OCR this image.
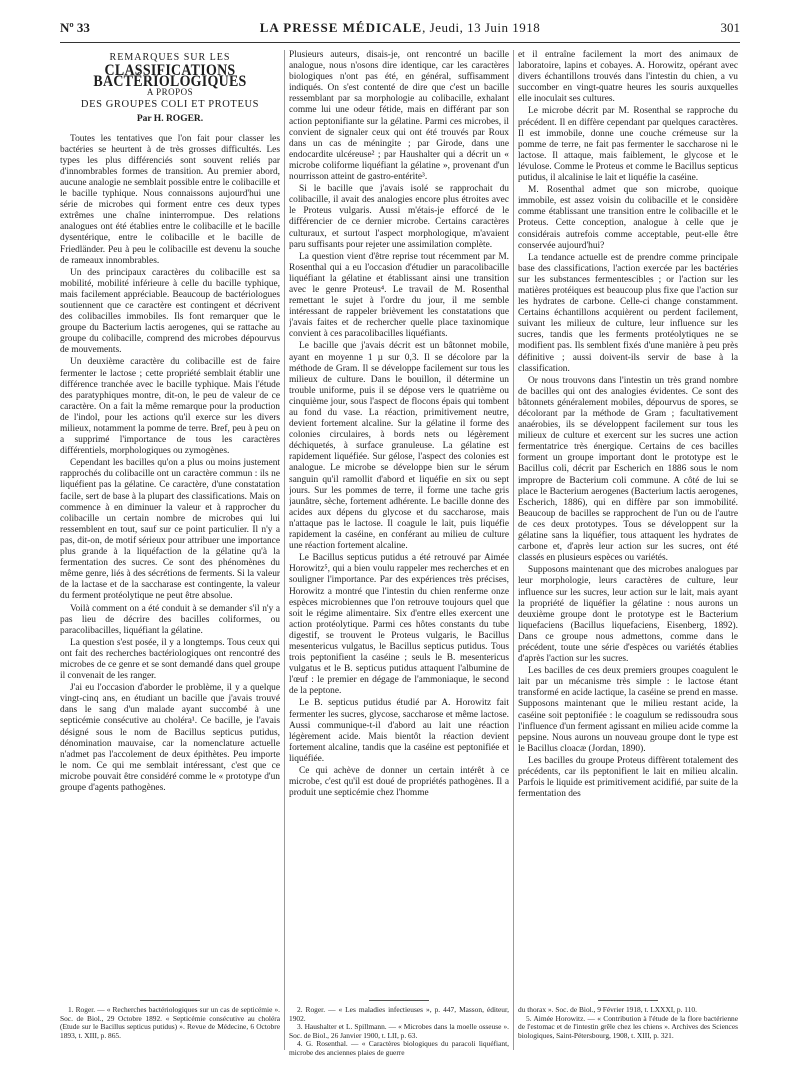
Nº 33	LA PRESSE MÉDICALE, Jeudi, 13 Juin 1918	301
REMARQUES SUR LES
CLASSIFICATIONS BACTÉRIOLOGIQUES
A PROPOS
DES GROUPES COLI ET PROTEUS
Par H. ROGER.

Toutes les tentatives que l'on fait pour classer les bactéries se heurtent à de très grosses difficultés. Les types les plus différenciés sont souvent reliés par d'innombrables formes de transition. Au premier abord, aucune analogie ne semblait possible entre le colibacille et le bacille typhique. Nous connaissons aujourd'hui une série de microbes qui forment entre ces deux types extrêmes une chaîne ininterrompue. Des relations analogues ont été établies entre le colibacille et le bacille dysentérique, entre le colibacille et le bacille de Friedländer. Peu à peu le colibacille est devenu la souche de rameaux innombrables.

Un des principaux caractères du colibacille est sa mobilité, mobilité inférieure à celle du bacille typhique, mais facilement appréciable. Beaucoup de bactériologues soutiennent que ce caractère est contingent et décrivent des colibacilles immobiles. Ils font remarquer que le groupe du Bacterium lactis aerogenes, qui se rattache au groupe du colibacille, comprend des microbes dépourvus de mouvements.

Un deuxième caractère du colibacille est de faire fermenter le lactose ; cette propriété semblait établir une différence tranchée avec le bacille typhique. Mais l'étude des paratyphiques montre, dit-on, le peu de valeur de ce caractère. On a fait la même remarque pour la production de l'indol, pour les actions qu'il exerce sur les divers milieux, notamment la pomme de terre. Bref, peu à peu on a supprimé l'importance de tous les caractères différentiels, morphologiques ou zymogènes.

Cependant les bacilles qu'on a plus ou moins justement rapprochés du colibacille ont un caractère commun : ils ne liquéfient pas la gélatine. Ce caractère, d'une constatation facile, sert de base à la plupart des classifications. Mais on commence à en diminuer la valeur et à rapprocher du colibacille un certain nombre de microbes qui lui ressemblent en tout, sauf sur ce point particulier. Il n'y a pas, dit-on, de motif sérieux pour attribuer une importance plus grande à la liquéfaction de la gélatine qu'à la fermentation des sucres. Ce sont des phénomènes du même genre, liés à des sécrétions de ferments. Si la valeur de la lactase et de la saccharase est contingente, la valeur du ferment protéolytique ne peut être absolue.

Voilà comment on a été conduit à se demander s'il n'y a pas lieu de décrire des bacilles coliformes, ou paracolibacilles, liquéfiant la gélatine.

La question s'est posée, il y a longtemps. Tous ceux qui ont fait des recherches bactériologiques ont rencontré des microbes de ce genre et se sont demandé dans quel groupe il convenait de les ranger.

J'ai eu l'occasion d'aborder le problème, il y a quelque vingt-cinq ans, en étudiant un bacille que j'avais trouvé dans le sang d'un malade ayant succombé à une septicémie consécutive au choléra¹. Ce bacille, je l'avais désigné sous le nom de Bacillus septicus putidus, dénomination mauvaise, car la nomenclature actuelle n'admet pas l'accolement de deux épithètes. Peu importe le nom. Ce qui me semblait intéressant, c'est que ce microbe pouvait être considéré comme le « prototype d'un groupe d'agents pathogènes.

Plusieurs auteurs, disais-je, ont rencontré un bacille analogue, nous n'osons dire identique, car les caractères biologiques n'ont pas été, en général, suffisamment indiqués. On s'est contenté de dire que c'est un bacille ressemblant par sa morphologie au colibacille, exhalant comme lui une odeur fétide, mais en différant par son action peptonifiante sur la gélatine. Parmi ces microbes, il convient de signaler ceux qui ont été trouvés par Roux dans un cas de méningite ; par Girode, dans une endocardite ulcéreuse² ; par Haushalter qui a décrit un « microbe coliforme liquéfiant la gélatine », provenant d'un nourrisson atteint de gastro-entérite³.

Si le bacille que j'avais isolé se rapprochait du colibacille, il avait des analogies encore plus étroites avec le Proteus vulgaris. Aussi m'étais-je efforcé de le différencier de ce dernier microbe. Certains caractères culturaux, et surtout l'aspect morphologique, m'avaient paru suffisants pour rejeter une assimilation complète.

La question vient d'être reprise tout récemment par M. Rosenthal qui a eu l'occasion d'étudier un paracolibacille liquéfiant la gélatine et établissant ainsi une transition avec le genre Proteus⁴. Le travail de M. Rosenthal remettant le sujet à l'ordre du jour, il me semble intéressant de rappeler brièvement les constatations que j'avais faites et de rechercher quelle place taxinomique convient à ces paracolibacilles liquéfiants.

Le bacille que j'avais décrit est un bâtonnet mobile, ayant en moyenne 1 µ sur 0,3. Il se décolore par la méthode de Gram. Il se développe facilement sur tous les milieux de culture. Dans le bouillon, il détermine un trouble uniforme, puis il se dépose vers le quatrième ou cinquième jour, sous l'aspect de flocons épais qui tombent au fond du vase. La réaction, primitivement neutre, devient fortement alcaline. Sur la gélatine il forme des colonies circulaires, à bords nets ou légèrement déchiquetés, à surface granuleuse. La gélatine est rapidement liquéfiée. Sur gélose, l'aspect des colonies est analogue. Le microbe se développe bien sur le sérum sanguin qu'il ramollit d'abord et liquéfie en six ou sept jours. Sur les pommes de terre, il forme une tache gris jaunâtre, sèche, fortement adhérente. Le bacille donne des acides aux dépens du glycose et du saccharose, mais n'attaque pas le lactose. Il coagule le lait, puis liquéfie rapidement la caséine, en conférant au milieu de culture une réaction fortement alcaline.

Le Bacillus septicus putidus a été retrouvé par Aimée Horowitz⁵, qui a bien voulu rappeler mes recherches et en souligner l'importance. Par des expériences très précises, Horowitz a montré que l'intestin du chien renferme onze espèces microbiennes que l'on retrouve toujours quel que soit le régime alimentaire. Six d'entre elles exercent une action protéolytique. Parmi ces hôtes constants du tube digestif, se trouvent le Proteus vulgaris, le Bacillus mesentericus vulgatus, le Bacillus septicus putidus. Tous trois peptonifient la caséine ; seuls le B. mesentericus vulgatus et le B. septicus putidus attaquent l'albumine de l'œuf : le premier en dégage de l'ammoniaque, le second de la peptone.

Le B. septicus putidus étudié par A. Horowitz fait fermenter les sucres, glycose, saccharose et même lactose. Aussi communique-t-il d'abord au lait une réaction légèrement acide. Mais bientôt la réaction devient fortement alcaline, tandis que la caséine est peptonifiée et liquéfiée.

Ce qui achève de donner un certain intérêt à ce microbe, c'est qu'il est doué de propriétés pathogènes. Il a produit une septicémie chez l'homme

et il entraîne facilement la mort des animaux de laboratoire, lapins et cobayes. A. Horowitz, opérant avec divers échantillons trouvés dans l'intestin du chien, a vu succomber en vingt-quatre heures les souris auxquelles elle inoculait ses cultures.

Le microbe décrit par M. Rosenthal se rapproche du précédent. Il en diffère cependant par quelques caractères. Il est immobile, donne une couche crémeuse sur la pomme de terre, ne fait pas fermenter le saccharose ni le lactose. Il attaque, mais faiblement, le glycose et le lévulose. Comme le Proteus et comme le Bacillus septicus putidus, il alcalinise le lait et liquéfie la caséine.

M. Rosenthal admet que son microbe, quoique immobile, est assez voisin du colibacille et le considère comme établissant une transition entre le colibacille et le Proteus. Cette conception, analogue à celle que je considérais autrefois comme acceptable, peut-elle être conservée aujourd'hui?

La tendance actuelle est de prendre comme principale base des classifications, l'action exercée par les bactéries sur les substances fermentescibles ; or l'action sur les matières protéiques est beaucoup plus fixe que l'action sur les hydrates de carbone. Celle-ci change constamment. Certains échantillons acquièrent ou perdent facilement, suivant les milieux de culture, leur influence sur les sucres, tandis que les ferments protéolytiques ne se modifient pas. Ils semblent fixés d'une manière à peu près définitive ; aussi doivent-ils servir de base à la classification.

Or nous trouvons dans l'intestin un très grand nombre de bacilles qui ont des analogies évidentes. Ce sont des bâtonnets généralement mobiles, dépourvus de spores, se décolorant par la méthode de Gram ; facultativement anaérobies, ils se développent facilement sur tous les milieux de culture et exercent sur les sucres une action fermentatrice très énergique. Certains de ces bacilles forment un groupe important dont le prototype est le Bacillus coli, décrit par Escherich en 1886 sous le nom impropre de Bacterium coli commune. A côté de lui se place le Bacterium aerogenes (Bacterium lactis aerogenes, Escherich, 1886), qui en diffère par son immobilité. Beaucoup de bacilles se rapprochent de l'un ou de l'autre de ces deux prototypes. Tous se développent sur la gélatine sans la liquéfier, tous attaquent les hydrates de carbone et, d'après leur action sur les sucres, ont été classés en plusieurs espèces ou variétés.

Supposons maintenant que des microbes analogues par leur morphologie, leurs caractères de culture, leur influence sur les sucres, leur action sur le lait, mais ayant la propriété de liquéfier la gélatine : nous aurons un deuxième groupe dont le prototype est le Bacterium liquefaciens (Bacillus liquefaciens, Eisenberg, 1892). Dans ce groupe nous admettons, comme dans le précédent, toute une série d'espèces ou variétés établies d'après l'action sur les sucres.

Les bacilles de ces deux premiers groupes coagulent le lait par un mécanisme très simple : le lactose étant transformé en acide lactique, la caséine se prend en masse. Supposons maintenant que le milieu restant acide, la caséine soit peptonifiée : le coagulum se redissoudra sous l'influence d'un ferment agissant en milieu acide comme la pepsine. Nous aurons un nouveau groupe dont le type est le Bacillus cloacæ (Jordan, 1890).

Les bacilles du groupe Proteus diffèrent totalement des précédents, car ils peptonifient le lait en milieu alcalin. Parfois le liquide est primitivement acidifié, par suite de la fermentation des

1. Roger. — « Recherches bactériologiques sur un cas de septicémie ». Soc. de Biol., 29 Octobre 1892. « Septicémie consécutive au choléra (Etude sur le Bacillus septicus putidus) ». Revue de Médecine, 6 Octobre 1893, t. XIII, p. 865.

2. Roger. — « Les maladies infectieuses », p. 447, Masson, éditeur, 1902.

3. Haushalter et L. Spillmann. — « Microbes dans la moelle osseuse ». Soc. de Biol., 26 Janvier 1900, t. LII, p. 63.

4. G. Rosenthal. — « Caractères biologiques du paracoli liquéfiant, microbe des anciennes plaies de guerre

du thorax ». Soc. de Biol., 9 Février 1918, t. LXXXI, p. 110.

5. Aimée Horowitz. — « Contribution à l'étude de la flore bactérienne de l'estomac et de l'intestin grêle chez les chiens ». Archives des Sciences biologiques, Saint-Pétersbourg, 1908, t. XIII, p. 321.
